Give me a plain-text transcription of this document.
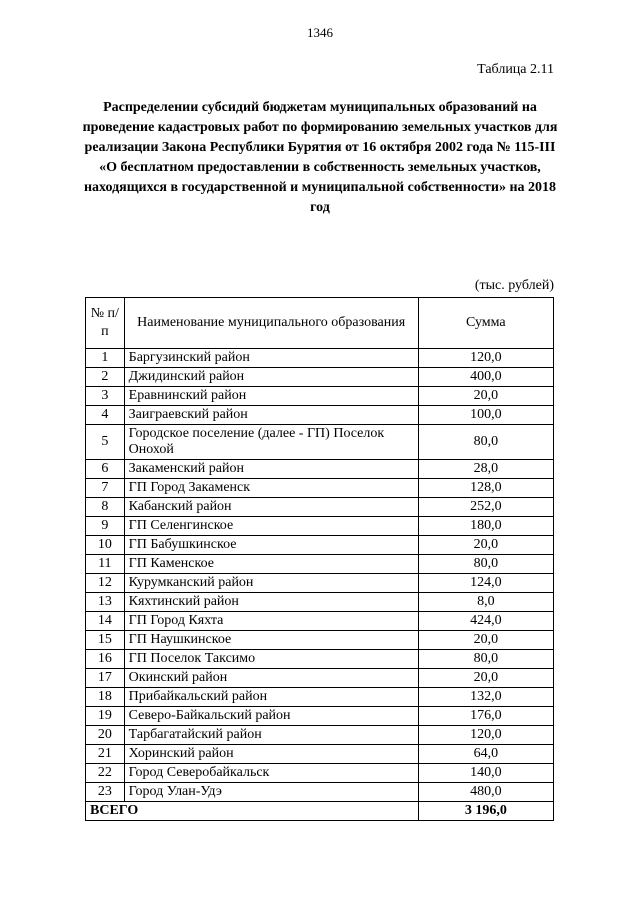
1346
Таблица 2.11
Распределении субсидий бюджетам муниципальных образований на проведение кадастровых работ по формированию земельных участков для реализации Закона Республики Бурятия от 16 октября 2002 года № 115-III «О бесплатном предоставлении в собственность земельных участков, находящихся в государственной и муниципальной собственности» на 2018 год
(тыс. рублей)
№ п/п	Наименование муниципального образования	Сумма
1	Баргузинский район	120,0
2	Джидинский район	400,0
3	Еравнинский район	20,0
4	Заиграевский район	100,0
5	Городское поселение (далее - ГП) Поселок Онохой	80,0
6	Закаменский район	28,0
7	ГП Город Закаменск	128,0
8	Кабанский район	252,0
9	ГП Селенгинское	180,0
10	ГП Бабушкинское	20,0
11	ГП Каменское	80,0
12	Курумканский район	124,0
13	Кяхтинский район	8,0
14	ГП Город Кяхта	424,0
15	ГП Наушкинское	20,0
16	ГП Поселок Таксимо	80,0
17	Окинский район	20,0
18	Прибайкальский район	132,0
19	Северо-Байкальский район	176,0
20	Тарбагатайский район	120,0
21	Хоринский район	64,0
22	Город Северобайкальск	140,0
23	Город Улан-Удэ	480,0
ВСЕГО		3 196,0
